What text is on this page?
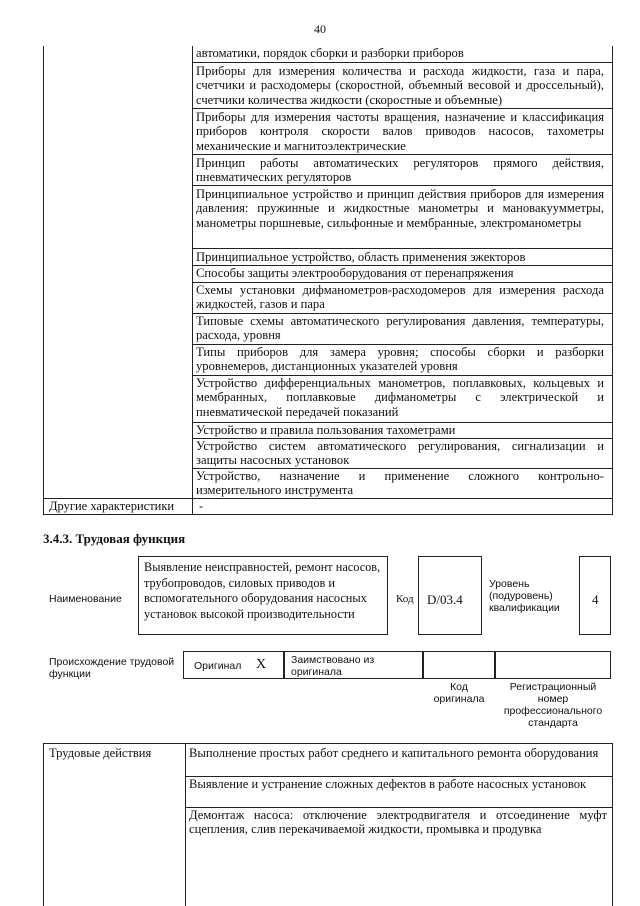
40
автоматики, порядок сборки и разборки приборов
Приборы для измерения количества и расхода жидкости, газа и пара, счетчики и расходомеры (скоростной, объемный весовой и дроссельный), счетчики количества жидкости (скоростные и объемные)
Приборы для измерения частоты вращения, назначение и классификация приборов контроля скорости валов приводов насосов, тахометры механические и магнитоэлектрические
Принцип работы автоматических регуляторов прямого действия, пневматических регуляторов
Принципиальное устройство и принцип действия приборов для измерения давления: пружинные и жидкостные манометры и мановакуумметры, манометры поршневые, сильфонные и мембранные, электроманометры
Принципиальное устройство, область применения эжекторов
Способы защиты электрооборудования от перенапряжения
Схемы установки дифманометров-расходомеров для измерения расхода жидкостей, газов и пара
Типовые схемы автоматического регулирования давления, температуры, расхода, уровня
Типы приборов для замера уровня; способы сборки и разборки уровнемеров, дистанционных указателей уровня
Устройство дифференциальных манометров, поплавковых, кольцевых и мембранных, поплавковые дифманометры с электрической и пневматической передачей показаний
Устройство и правила пользования тахометрами
Устройство систем автоматического регулирования, сигнализации и защиты насосных установок
Устройство, назначение и применение сложного контрольно-измерительного инструмента
Другие характеристики -
3.4.3. Трудовая функция
Наименование
Выявление неисправностей, ремонт насосов, трубопроводов, силовых приводов и вспомогательного оборудования насосных установок высокой производительности
Код	D/03.4
Уровень (подуровень) квалификации
4
Происхождение трудовой функции
Оригинал X Заимствовано из оригинала
Код оригинала
Регистрационный номер профессионального стандарта
Трудовые действия	Выполнение простых работ среднего и капитального ремонта оборудования
Выявление и устранение сложных дефектов в работе насосных установок
Демонтаж насоса: отключение электродвигателя и отсоединение муфт сцепления, слив перекачиваемой жидкости, промывка и продувка
